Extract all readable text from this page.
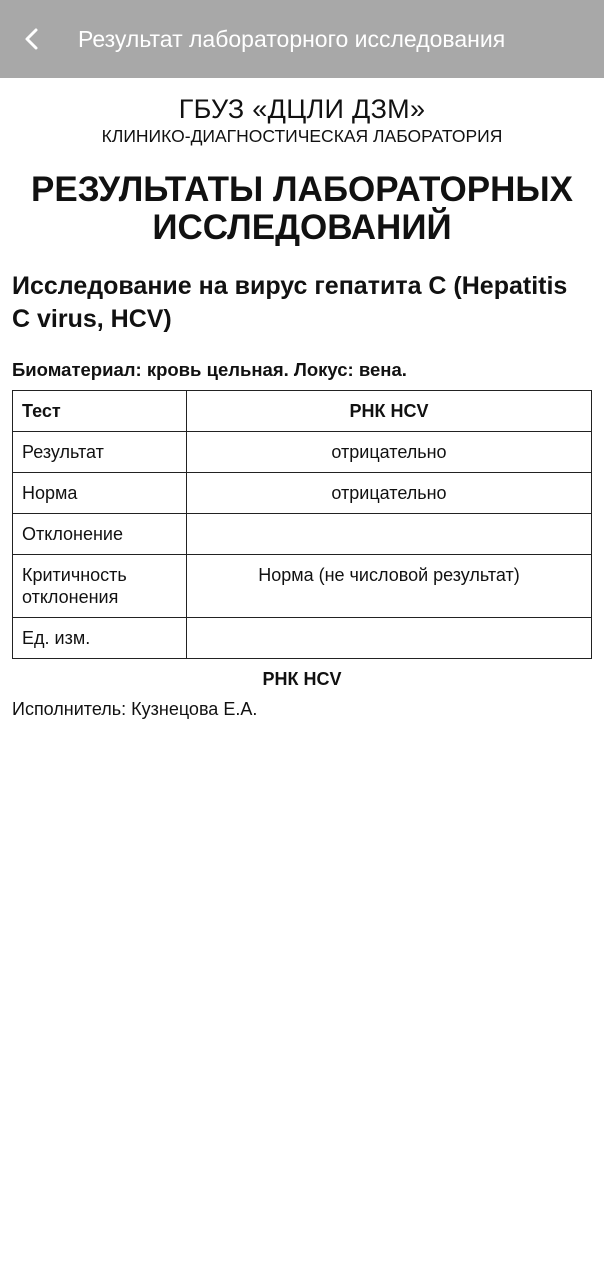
Результат лабораторного исследования
ГБУЗ «ДЦЛИ ДЗМ»
КЛИНИКО-ДИАГНОСТИЧЕСКАЯ ЛАБОРАТОРИЯ
РЕЗУЛЬТАТЫ ЛАБОРАТОРНЫХ ИССЛЕДОВАНИЙ
Исследование на вирус гепатита С (Hepatitis C virus, HCV)
Биоматериал: кровь цельная. Локус: вена.
Тест	РНК HCV
Результат	отрицательно
Норма	отрицательно
Отклонение	
Критичность отклонения	Норма (не числовой результат)
Ед. изм.	
РНК HCV
Исполнитель: Кузнецова Е.А.
